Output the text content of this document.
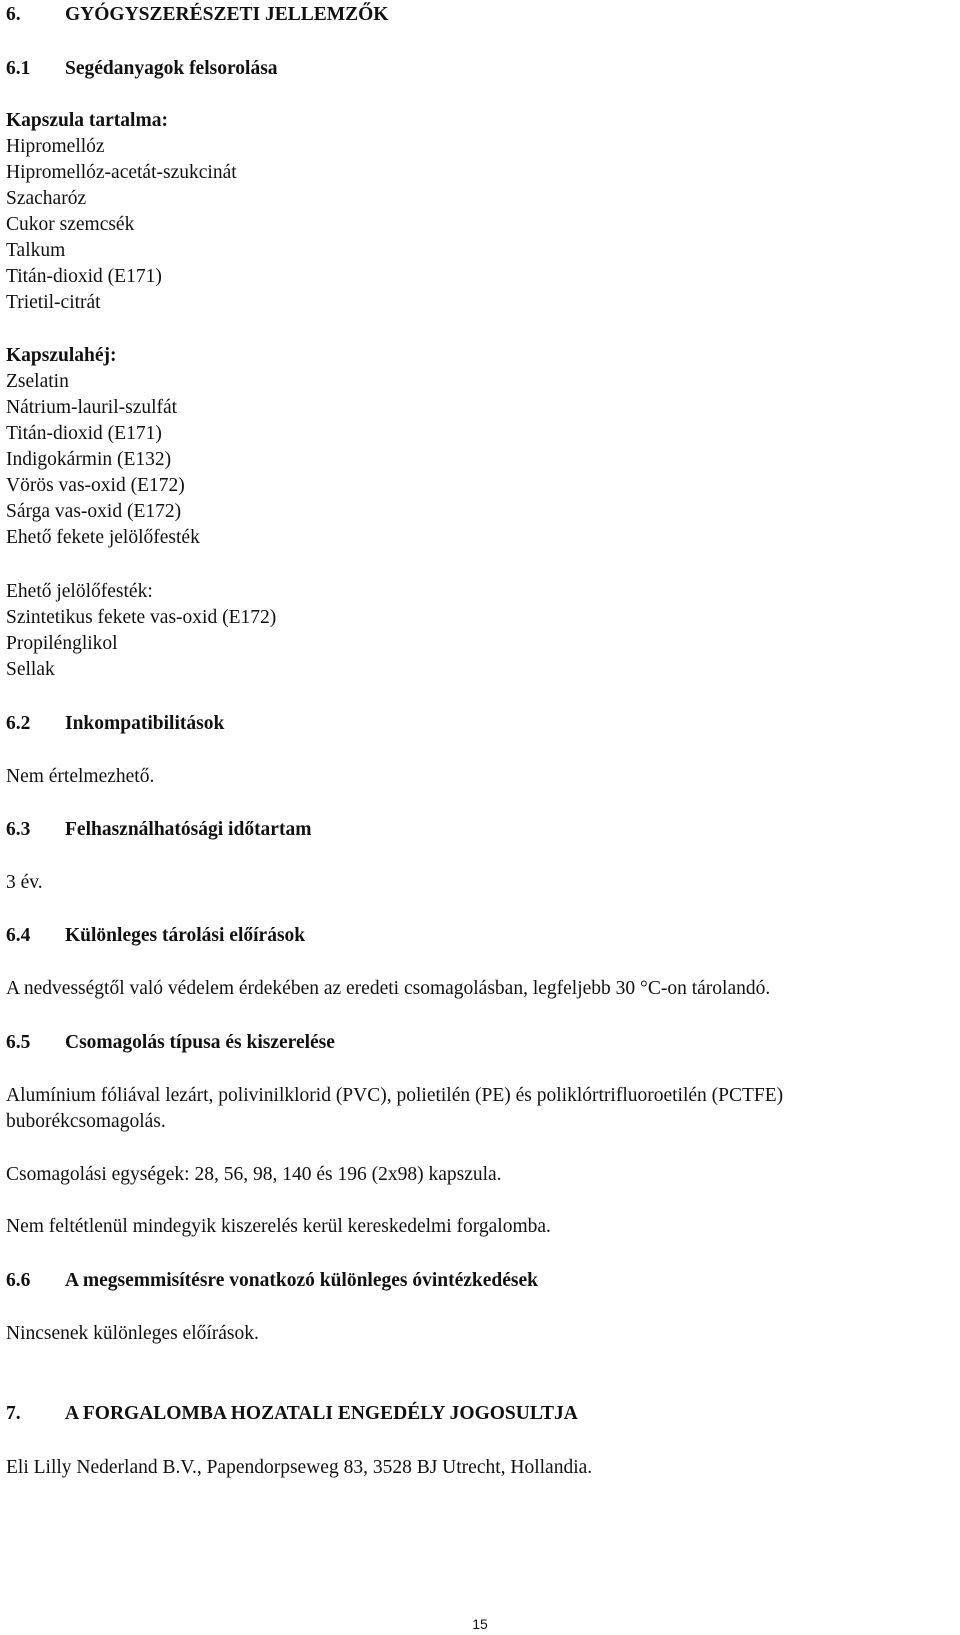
6. GYÓGYSZERÉSZETI JELLEMZŐK
6.1 Segédanyagok felsorolása
Kapszula tartalma:
Hipromellóz
Hipromellóz-acetát-szukcinát
Szacharóz
Cukor szemcsék
Talkum
Titán-dioxid (E171)
Trietil-citrát
Kapszulahéj:
Zselatin
Nátrium-lauril-szulfát
Titán-dioxid (E171)
Indigokármin (E132)
Vörös vas-oxid (E172)
Sárga vas-oxid (E172)
Ehető fekete jelölőfesték
Ehető jelölőfesték:
Szintetikus fekete vas-oxid (E172)
Propilénglikol
Sellak
6.2 Inkompatibilitások
Nem értelmezhető.
6.3 Felhasználhatósági időtartam
3 év.
6.4 Különleges tárolási előírások
A nedvességtől való védelem érdekében az eredeti csomagolásban, legfeljebb 30 °C-on tárolandó.
6.5 Csomagolás típusa és kiszerelése
Alumínium fóliával lezárt, polivinilklorid (PVC), polietilén (PE) és poliklórtrifluoroetilén (PCTFE)
buborékcsomagolás.
Csomagolási egységek: 28, 56, 98, 140 és 196 (2x98) kapszula.
Nem feltétlenül mindegyik kiszerelés kerül kereskedelmi forgalomba.
6.6 A megsemmisítésre vonatkozó különleges óvintézkedések
Nincsenek különleges előírások.
7. A FORGALOMBA HOZATALI ENGEDÉLY JOGOSULTJA
Eli Lilly Nederland B.V., Papendorpseweg 83, 3528 BJ Utrecht, Hollandia.
15
